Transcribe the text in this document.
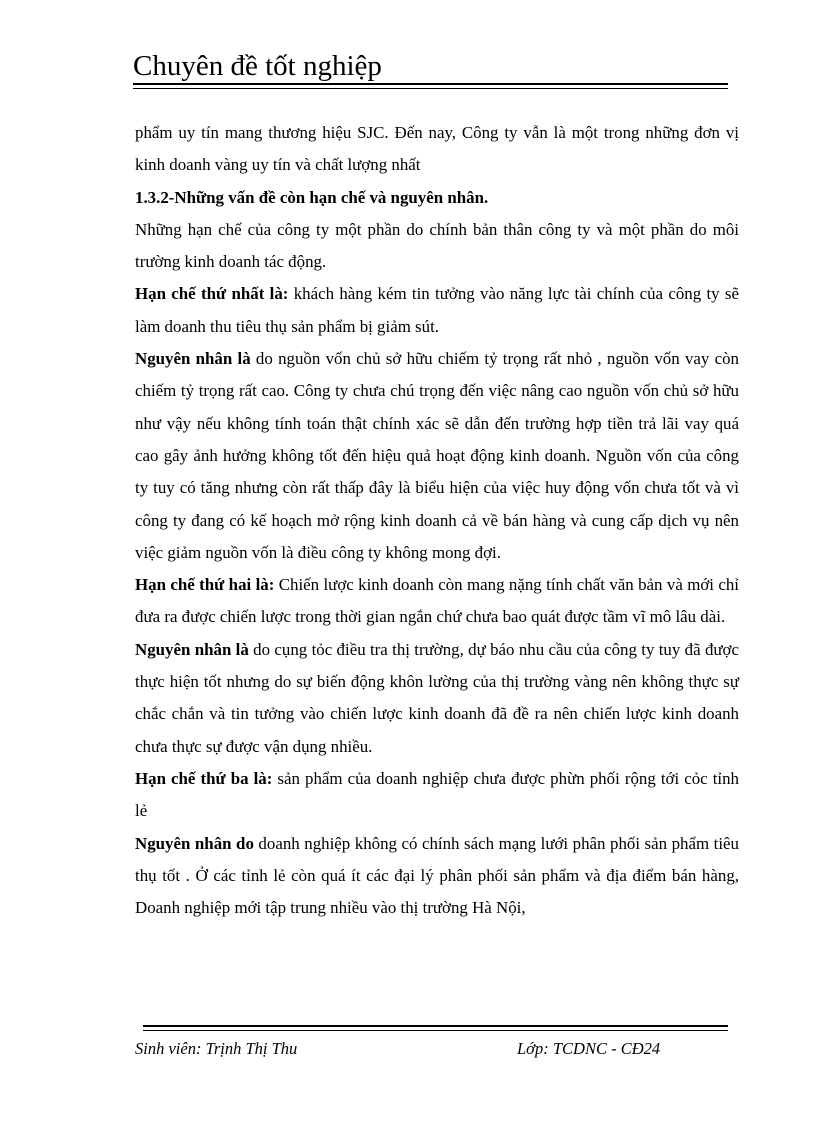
Chuyên đề tốt nghiệp

phẩm uy tín mang thương hiệu SJC. Đến nay, Công ty vẫn là một trong những đơn vị kinh doanh vàng uy tín và chất lượng nhất

1.3.2-Những vấn đề còn hạn chế và nguyên nhân.

Những hạn chế của công ty một phần do chính bản thân công ty và một phần do môi trường kinh doanh tác động.

Hạn chế thứ nhất là: khách hàng kém tin tưởng vào năng lực tài chính của công ty sẽ làm doanh thu tiêu thụ sản phẩm bị giảm sút.

Nguyên nhân là do nguồn vốn chủ sở hữu chiếm tỷ trọng rất nhỏ , nguồn vốn vay còn chiếm tỷ trọng rất cao. Công ty chưa chú trọng đến việc nâng cao nguồn vốn chủ sở hữu như vậy nếu không tính toán thật chính xác sẽ dẫn đến trường hợp tiền trả lãi vay quá cao gây ảnh hưởng không tốt đến hiệu quả hoạt động kinh doanh. Nguồn vốn của công ty tuy có tăng nhưng còn rất thấp đây là biểu hiện của việc huy động vốn chưa tốt và vì công ty đang có kế hoạch mở rộng kinh doanh cả về bán hàng và cung cấp dịch vụ nên việc giảm nguồn vốn là điều công ty không mong đợi.

Hạn chế thứ hai là: Chiến lược kinh doanh còn mang nặng tính chất văn bản và mới chỉ đưa ra được chiến lược trong thời gian ngắn chứ chưa bao quát được tầm vĩ mô lâu dài.

Nguyên nhân là do cụng tỏc điều tra thị trường, dự báo nhu cầu của công ty tuy đã được thực hiện tốt nhưng do sự biến động khôn lường của thị trường vàng nên không thực sự chắc chắn và tin tưởng vào chiến lược kinh doanh đã đề ra nên chiến lược kinh doanh chưa thực sự được vận dụng nhiều.

Hạn chế thứ ba là: sản phẩm của doanh nghiệp chưa được phừn phối rộng tới cỏc tỉnh lẻ

Nguyên nhân do doanh nghiệp không có chính sách mạng lưới phân phối sản phẩm tiêu thụ tốt . Ở các tỉnh lẻ còn quá ít các đại lý phân phối sản phẩm và địa điểm bán hàng, Doanh nghiệp mới tập trung nhiều vào thị trường Hà Nội,

Sinh viên: Trịnh Thị Thu	Lớp: TCDNC - CĐ24
